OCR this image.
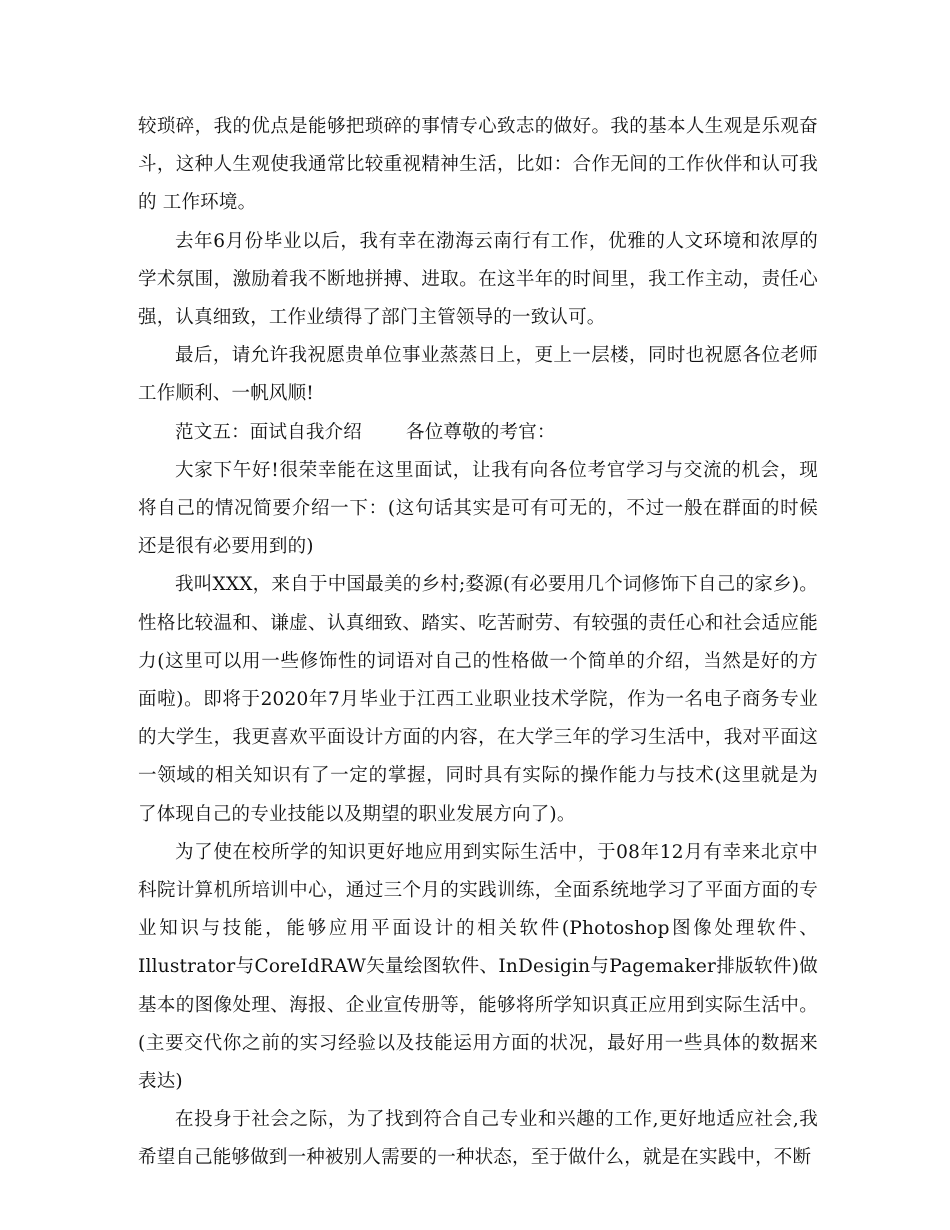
较琐碎，我的优点是能够把琐碎的事情专心致志的做好。我的基本人生观是乐观奋斗，这种人生观使我通常比较重视精神生活，比如：合作无间的工作伙伴和认可我的 工作环境。

去年6月份毕业以后，我有幸在渤海云南行有工作，优雅的人文环境和浓厚的学术氛围，激励着我不断地拼搏、进取。在这半年的时间里，我工作主动，责任心强，认真细致，工作业绩得了部门主管领导的一致认可。

最后，请允许我祝愿贵单位事业蒸蒸日上，更上一层楼，同时也祝愿各位老师工作顺利、一帆风顺!

范文五：面试自我介绍 各位尊敬的考官：

大家下午好!很荣幸能在这里面试，让我有向各位考官学习与交流的机会，现将自己的情况简要介绍一下：(这句话其实是可有可无的，不过一般在群面的时候还是很有必要用到的)

我叫XXX，来自于中国最美的乡村;婺源(有必要用几个词修饰下自己的家乡)。性格比较温和、谦虚、认真细致、踏实、吃苦耐劳、有较强的责任心和社会适应能力(这里可以用一些修饰性的词语对自己的性格做一个简单的介绍，当然是好的方面啦)。即将于2020年7月毕业于江西工业职业技术学院，作为一名电子商务专业的大学生，我更喜欢平面设计方面的内容，在大学三年的学习生活中，我对平面这一领域的相关知识有了一定的掌握，同时具有实际的操作能力与技术(这里就是为了体现自己的专业技能以及期望的职业发展方向了)。

为了使在校所学的知识更好地应用到实际生活中，于08年12月有幸来北京中科院计算机所培训中心，通过三个月的实践训练，全面系统地学习了平面方面的专业知识与技能，能够应用平面设计的相关软件(Photoshop图像处理软件、Illustrator与CoreIdRAW矢量绘图软件、InDesigin与Pagemaker排版软件)做基本的图像处理、海报、企业宣传册等，能够将所学知识真正应用到实际生活中。(主要交代你之前的实习经验以及技能运用方面的状况，最好用一些具体的数据来表达)

在投身于社会之际，为了找到符合自己专业和兴趣的工作,更好地适应社会,我希望自己能够做到一种被别人需要的一种状态，至于做什么，就是在实践中，不断
